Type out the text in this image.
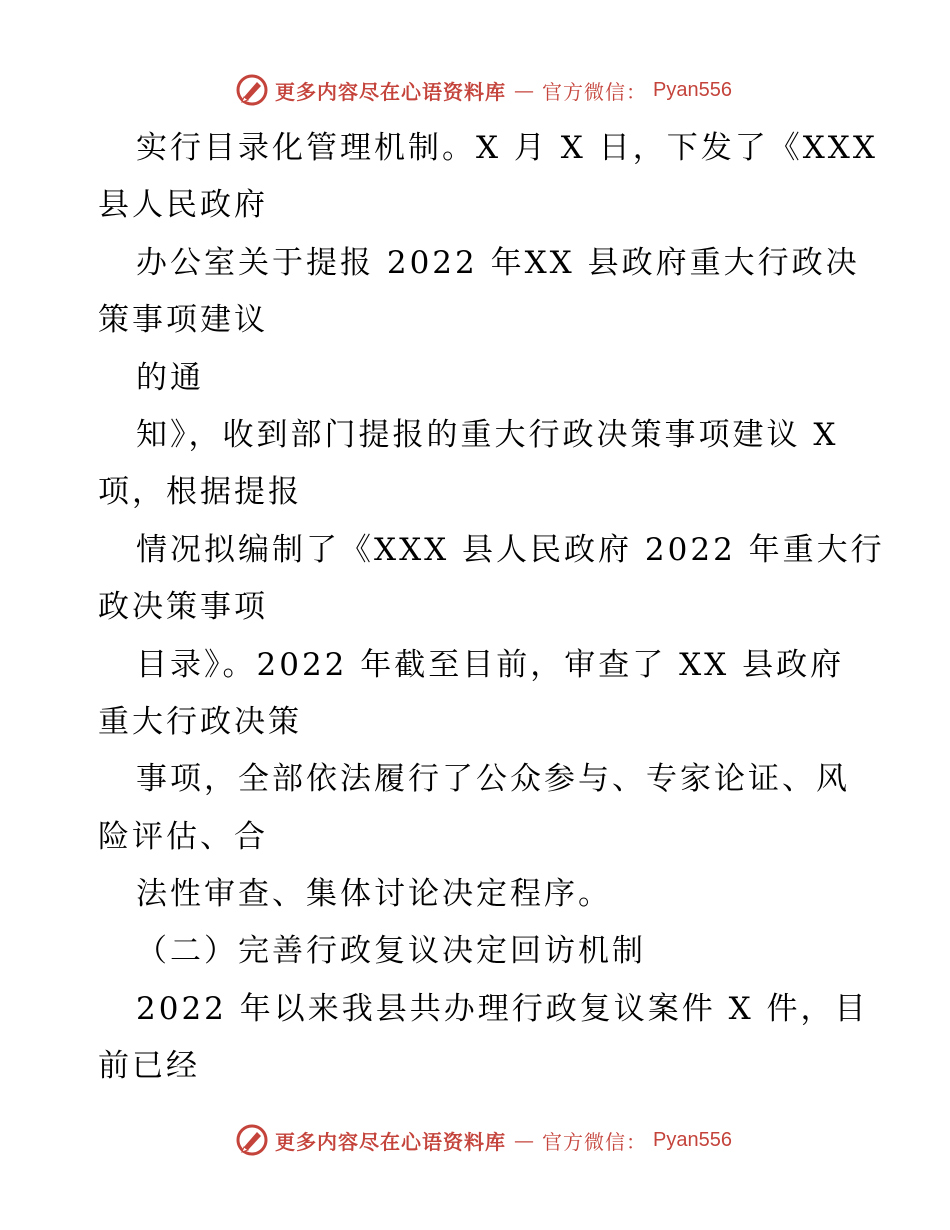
更多内容尽在心语资料库 — 官方微信： Pyan556
实行目录化管理机制。X 月 X 日，下发了《XXX
县人民政府
办公室关于提报 2022 年XX 县政府重大行政决
策事项建议
的通
知》，收到部门提报的重大行政决策事项建议 X
项，根据提报
情况拟编制了《XXX 县人民政府 2022 年重大行
政决策事项
目录》。2022 年截至目前，审查了 XX 县政府
重大行政决策
事项，全部依法履行了公众参与、专家论证、风
险评估、合
法性审查、集体讨论决定程序。
（二）完善行政复议决定回访机制
2022 年以来我县共办理行政复议案件 X 件，目
前已经
更多内容尽在心语资料库 — 官方微信： Pyan556
